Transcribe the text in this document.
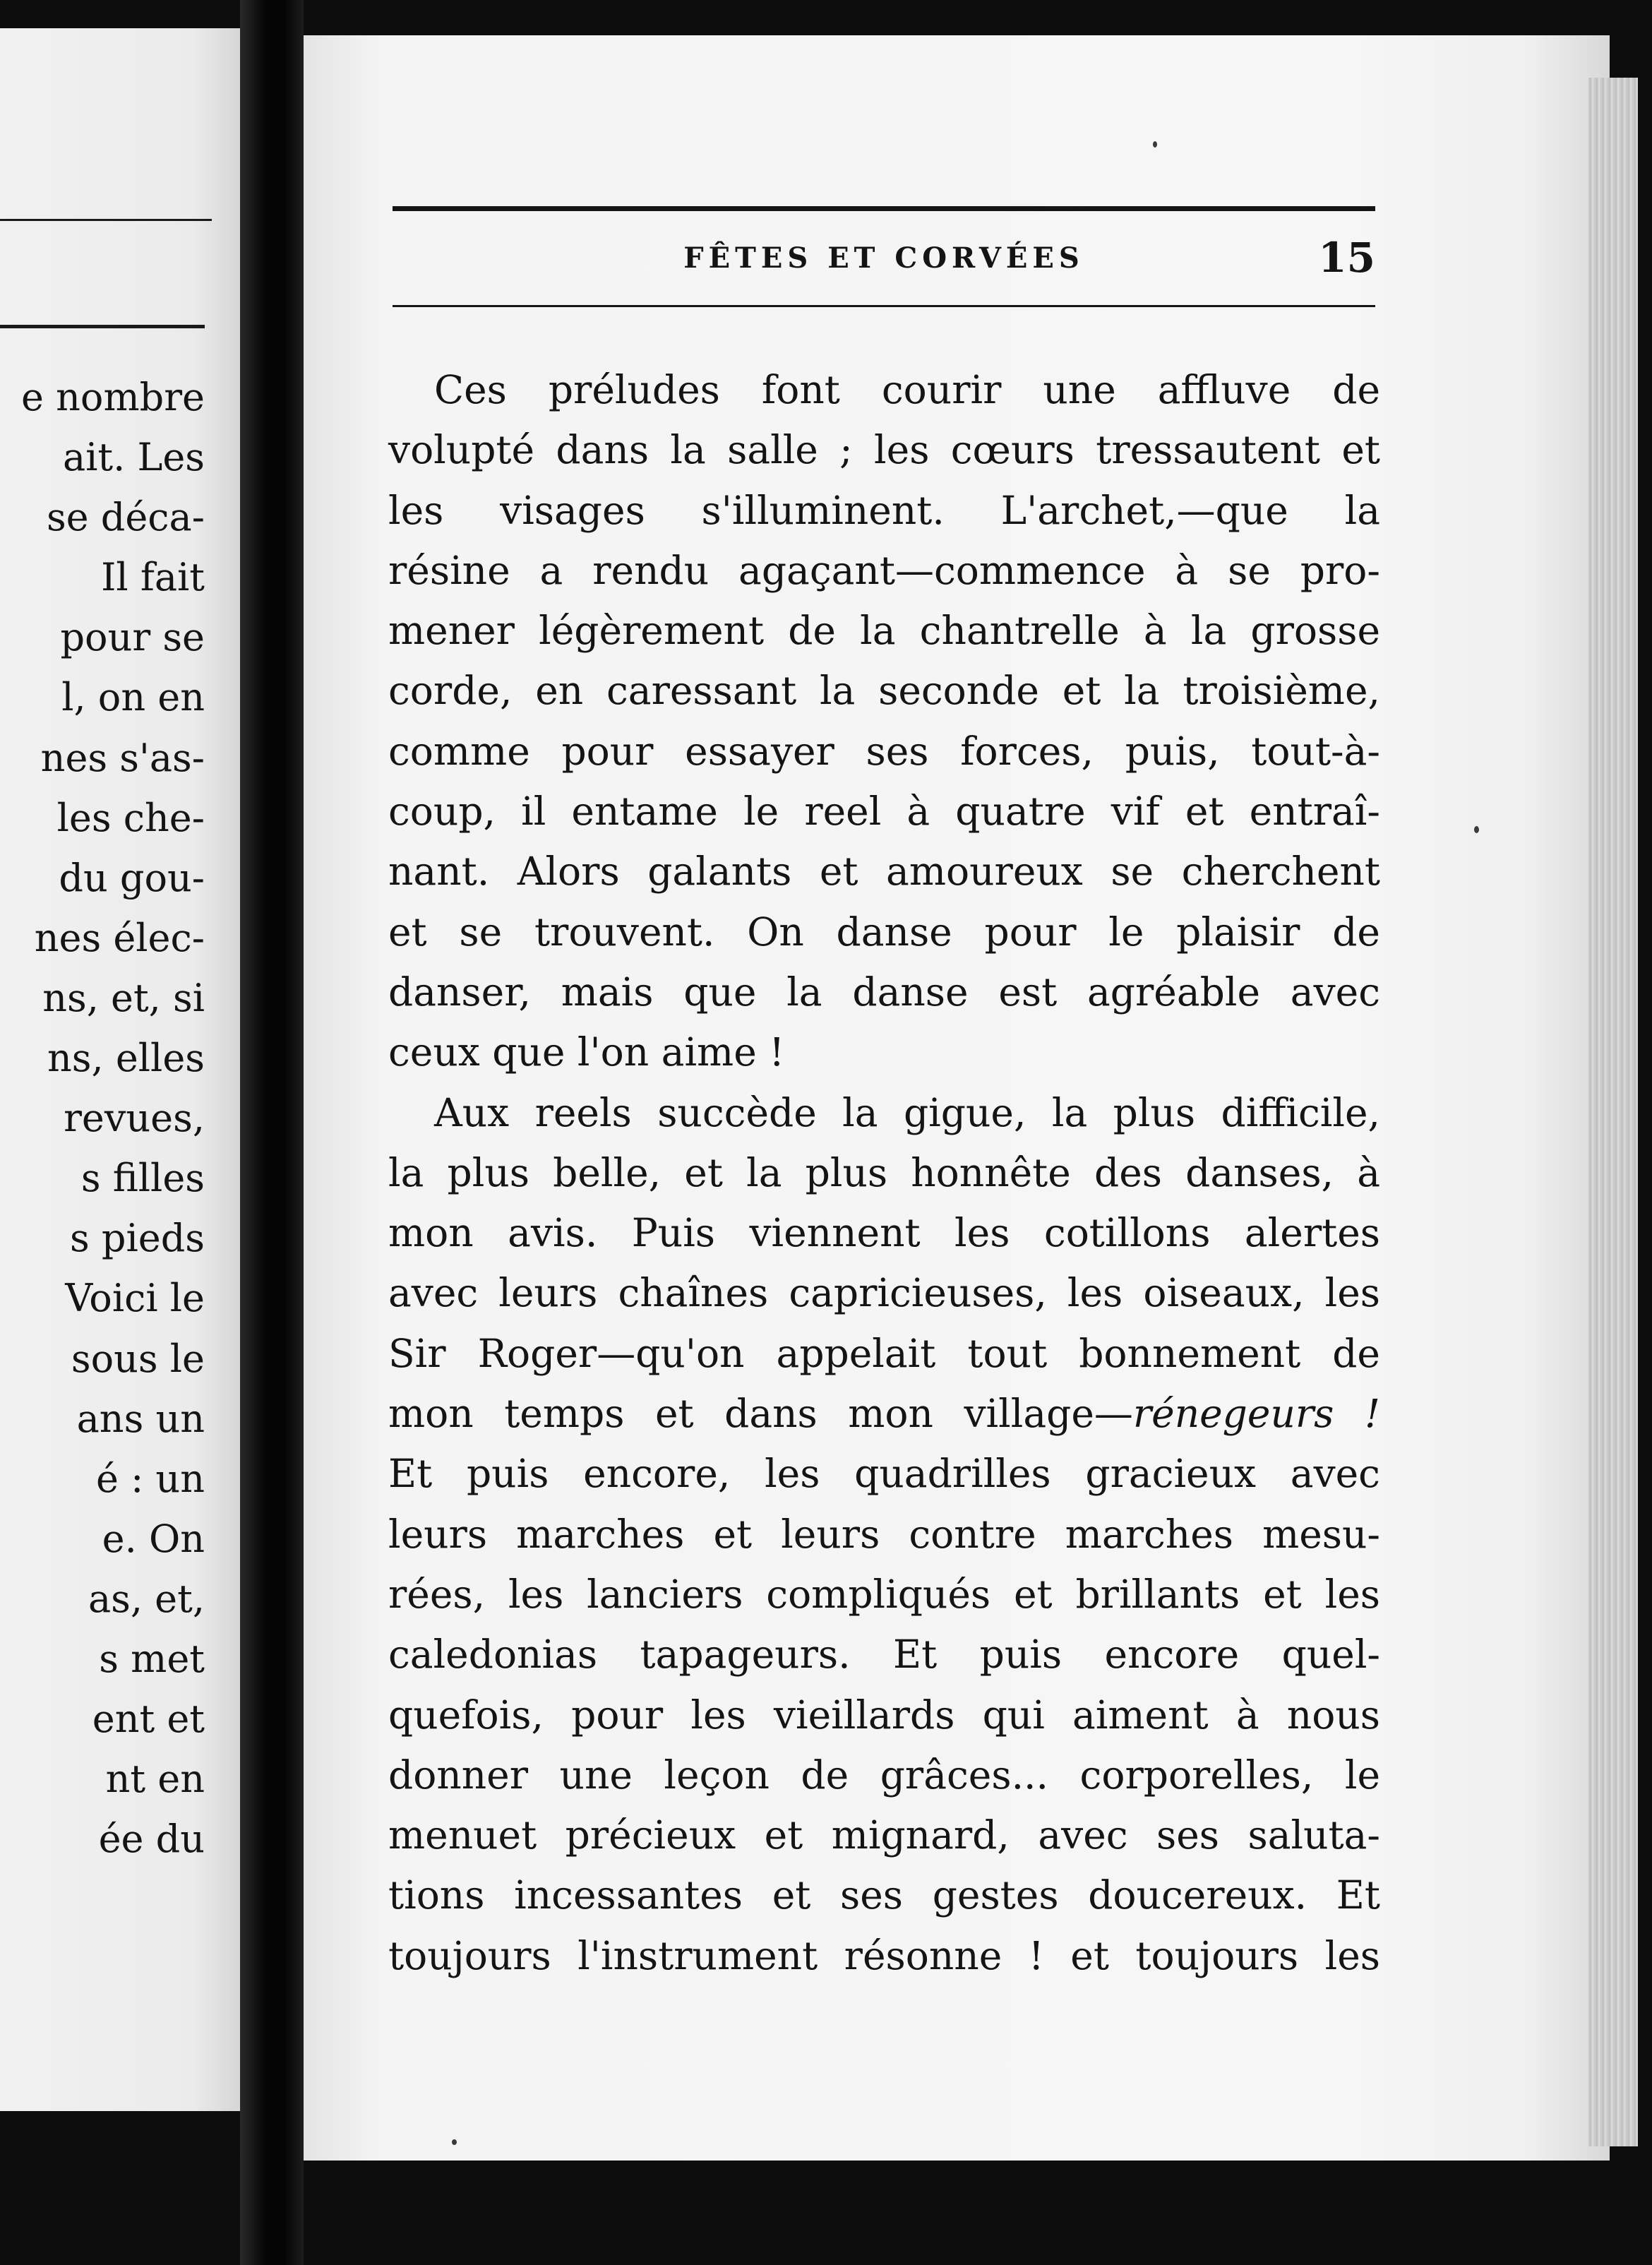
e nombre
ait. Les
se déca-
Il fait
pour se
l, on en
nes s'as-
les che-
du gou-
nes élec-
ns, et, si
ns, elles
revues,
s filles
s pieds
Voici le
sous le
ans un
é : un
e. On
as, et,
s met
ent et
nt en
ée du
FÊTES ET CORVÉES	15
Ces préludes font courir une affluve de
volupté dans la salle ; les cœurs tressautent et
les visages s'illuminent. L'archet,—que la
résine a rendu agaçant—commence à se pro-
mener légèrement de la chantrelle à la grosse
corde, en caressant la seconde et la troisième,
comme pour essayer ses forces, puis, tout-à-
coup, il entame le reel à quatre vif et entraî-
nant. Alors galants et amoureux se cherchent
et se trouvent. On danse pour le plaisir de
danser, mais que la danse est agréable avec
ceux que l'on aime !
Aux reels succède la gigue, la plus difficile,
la plus belle, et la plus honnête des danses, à
mon avis. Puis viennent les cotillons alertes
avec leurs chaînes capricieuses, les oiseaux, les
Sir Roger—qu'on appelait tout bonnement de
mon temps et dans mon village—rénegeurs !
Et puis encore, les quadrilles gracieux avec
leurs marches et leurs contre marches mesu-
rées, les lanciers compliqués et brillants et les
caledonias tapageurs. Et puis encore quel-
quefois, pour les vieillards qui aiment à nous
donner une leçon de grâces... corporelles, le
menuet précieux et mignard, avec ses saluta-
tions incessantes et ses gestes doucereux. Et
toujours l'instrument résonne ! et toujours les
